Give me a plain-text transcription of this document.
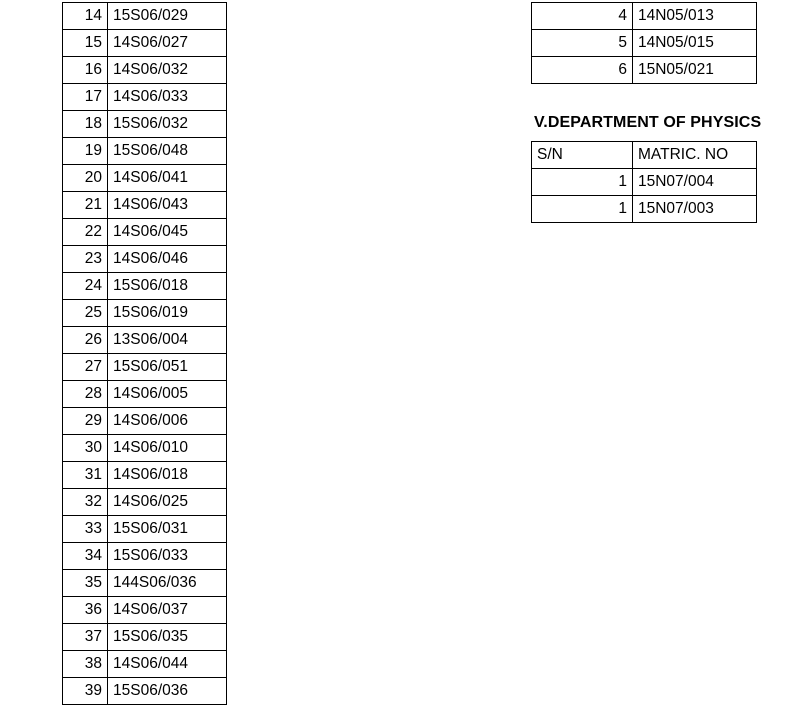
14	15S06/029
15	14S06/027
16	14S06/032
17	14S06/033
18	15S06/032
19	15S06/048
20	14S06/041
21	14S06/043
22	14S06/045
23	14S06/046
24	15S06/018
25	15S06/019
26	13S06/004
27	15S06/051
28	14S06/005
29	14S06/006
30	14S06/010
31	14S06/018
32	14S06/025
33	15S06/031
34	15S06/033
35	144S06/036
36	14S06/037
37	15S06/035
38	14S06/044
39	15S06/036
4	14N05/013
5	14N05/015
6	15N05/021
V.DEPARTMENT OF PHYSICS
S/N	MATRIC. NO
1	15N07/004
1	15N07/003
